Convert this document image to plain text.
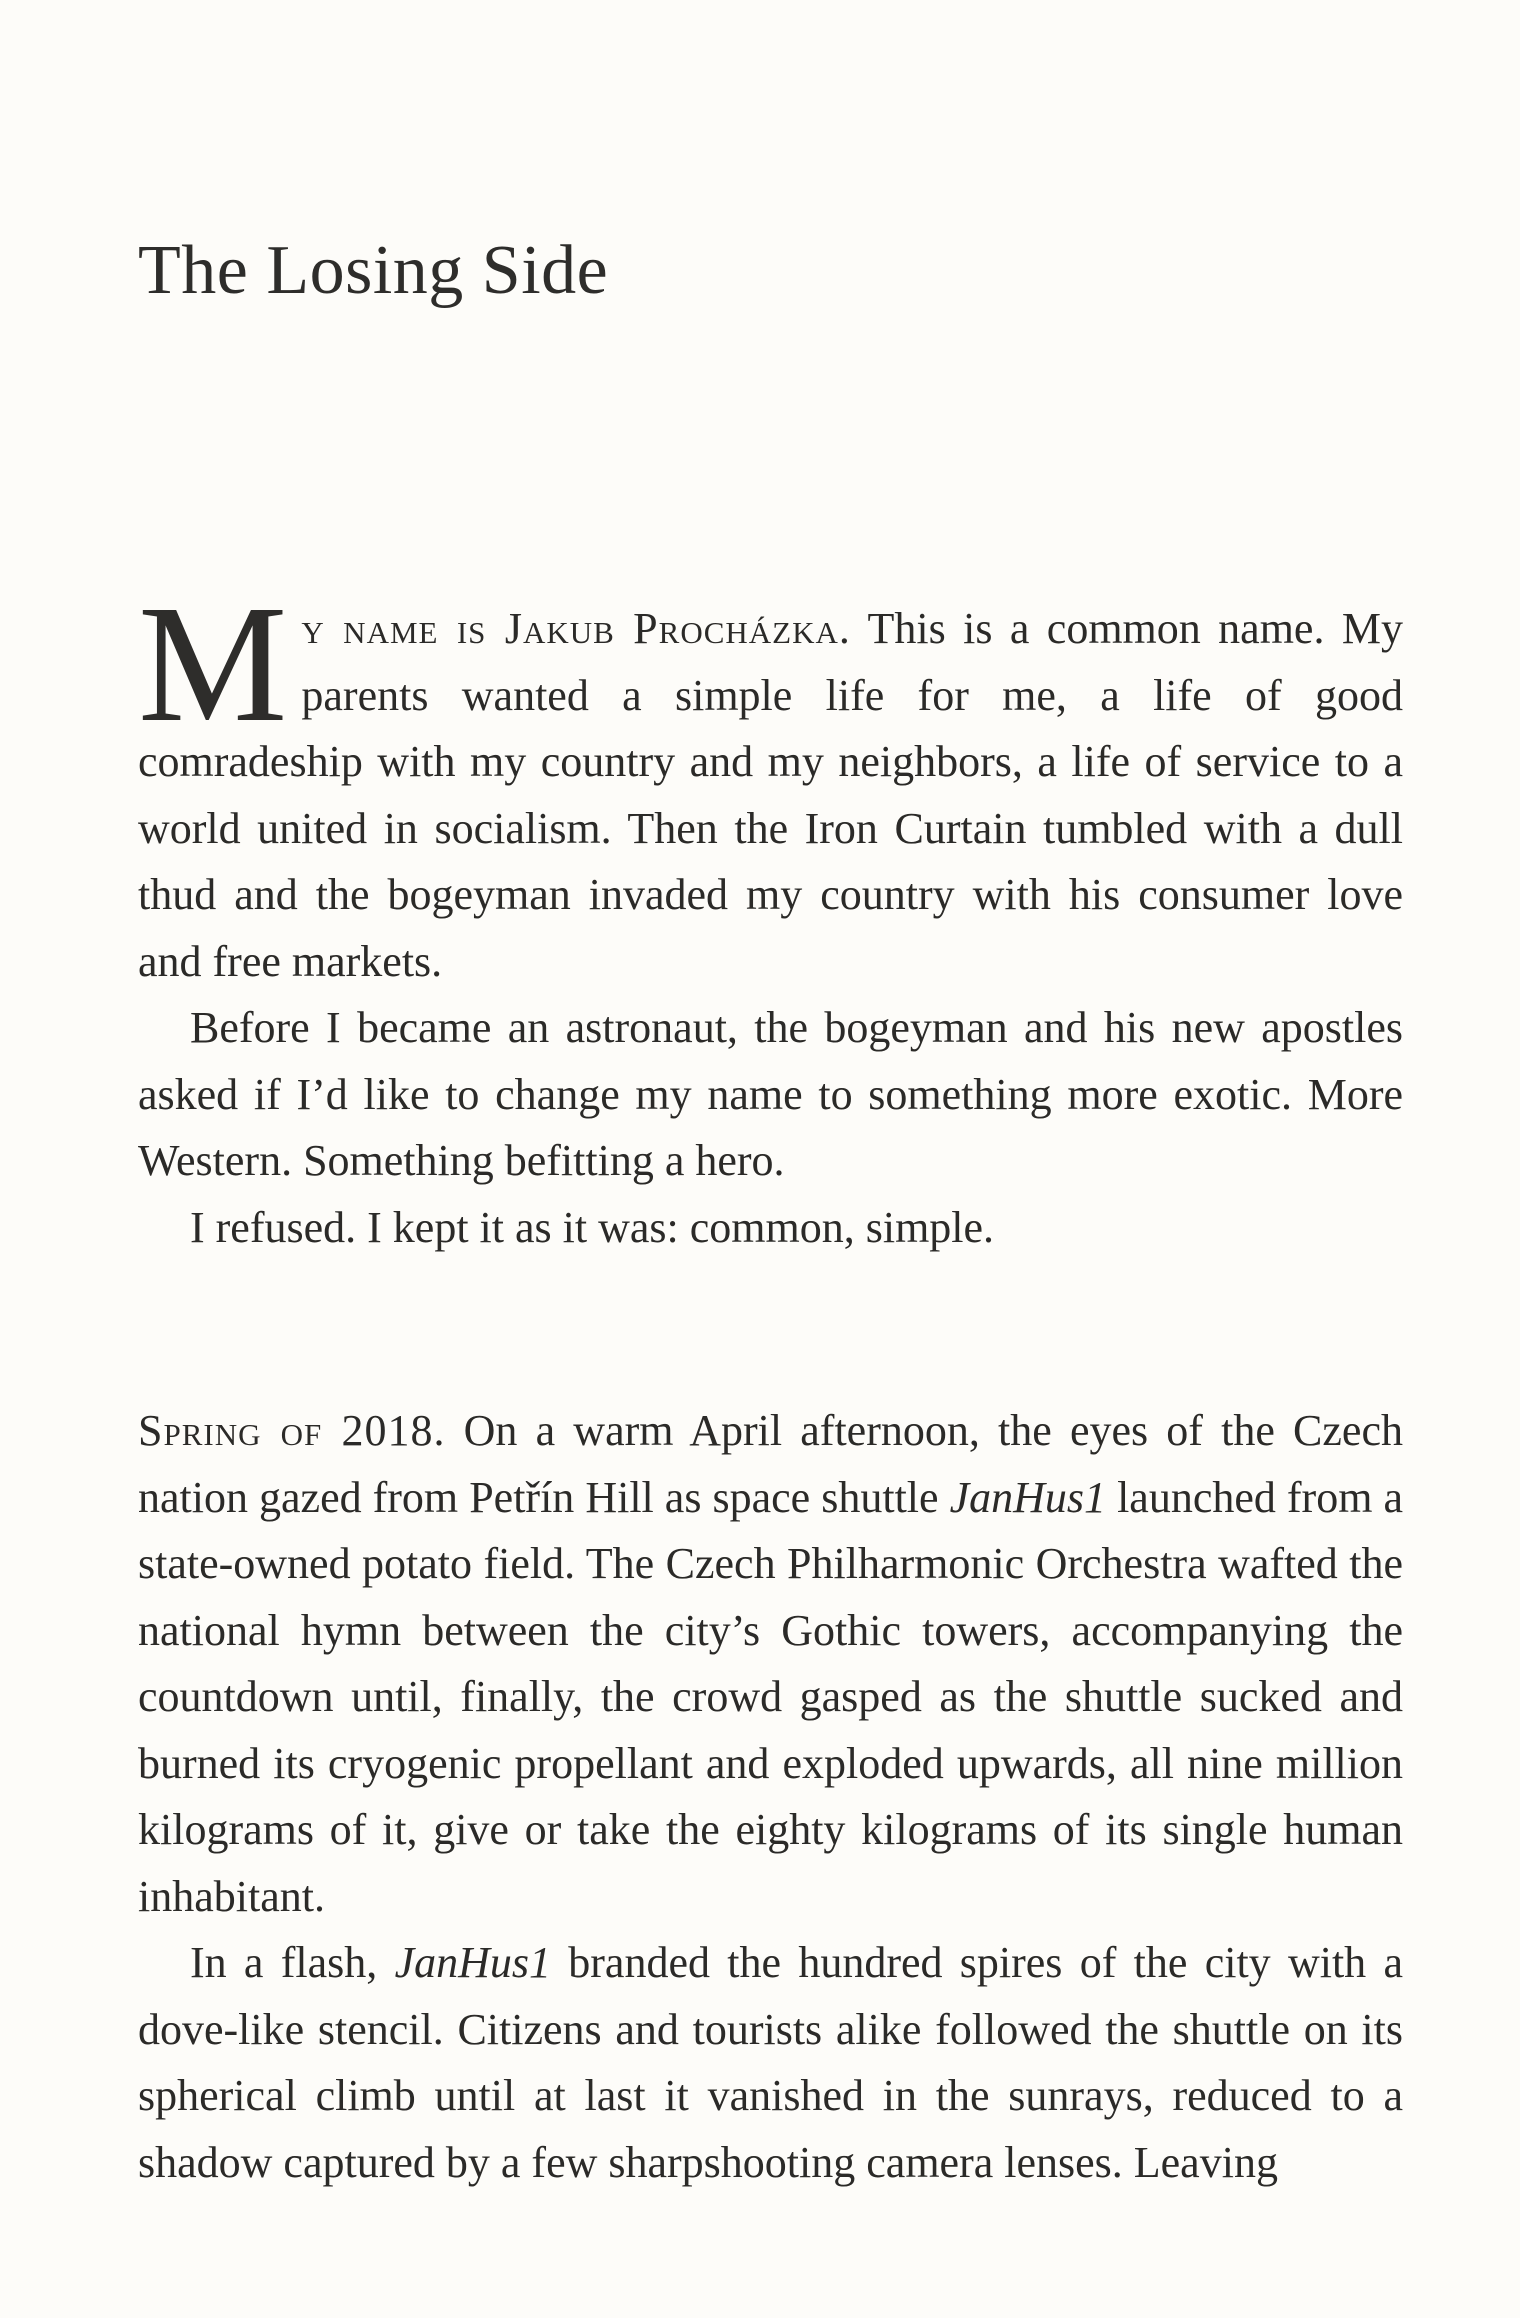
The Losing Side

My name is Jakub Procházka. This is a common name. My parents wanted a simple life for me, a life of good comradeship with my country and my neighbors, a life of service to a world united in socialism. Then the Iron Curtain tumbled with a dull thud and the bogeyman invaded my country with his consumer love and free markets.

Before I became an astronaut, the bogeyman and his new apostles asked if I’d like to change my name to something more exotic. More Western. Something befitting a hero.

I refused. I kept it as it was: common, simple.

Spring of 2018. On a warm April afternoon, the eyes of the Czech nation gazed from Petřín Hill as space shuttle JanHus1 launched from a state-owned potato field. The Czech Philharmonic Orchestra wafted the national hymn between the city’s Gothic towers, accompanying the countdown until, finally, the crowd gasped as the shuttle sucked and burned its cryogenic propellant and exploded upwards, all nine million kilograms of it, give or take the eighty kilograms of its single human inhabitant.

In a flash, JanHus1 branded the hundred spires of the city with a dove-like stencil. Citizens and tourists alike followed the shuttle on its spherical climb until at last it vanished in the sunrays, reduced to a shadow captured by a few sharpshooting camera lenses. Leaving
